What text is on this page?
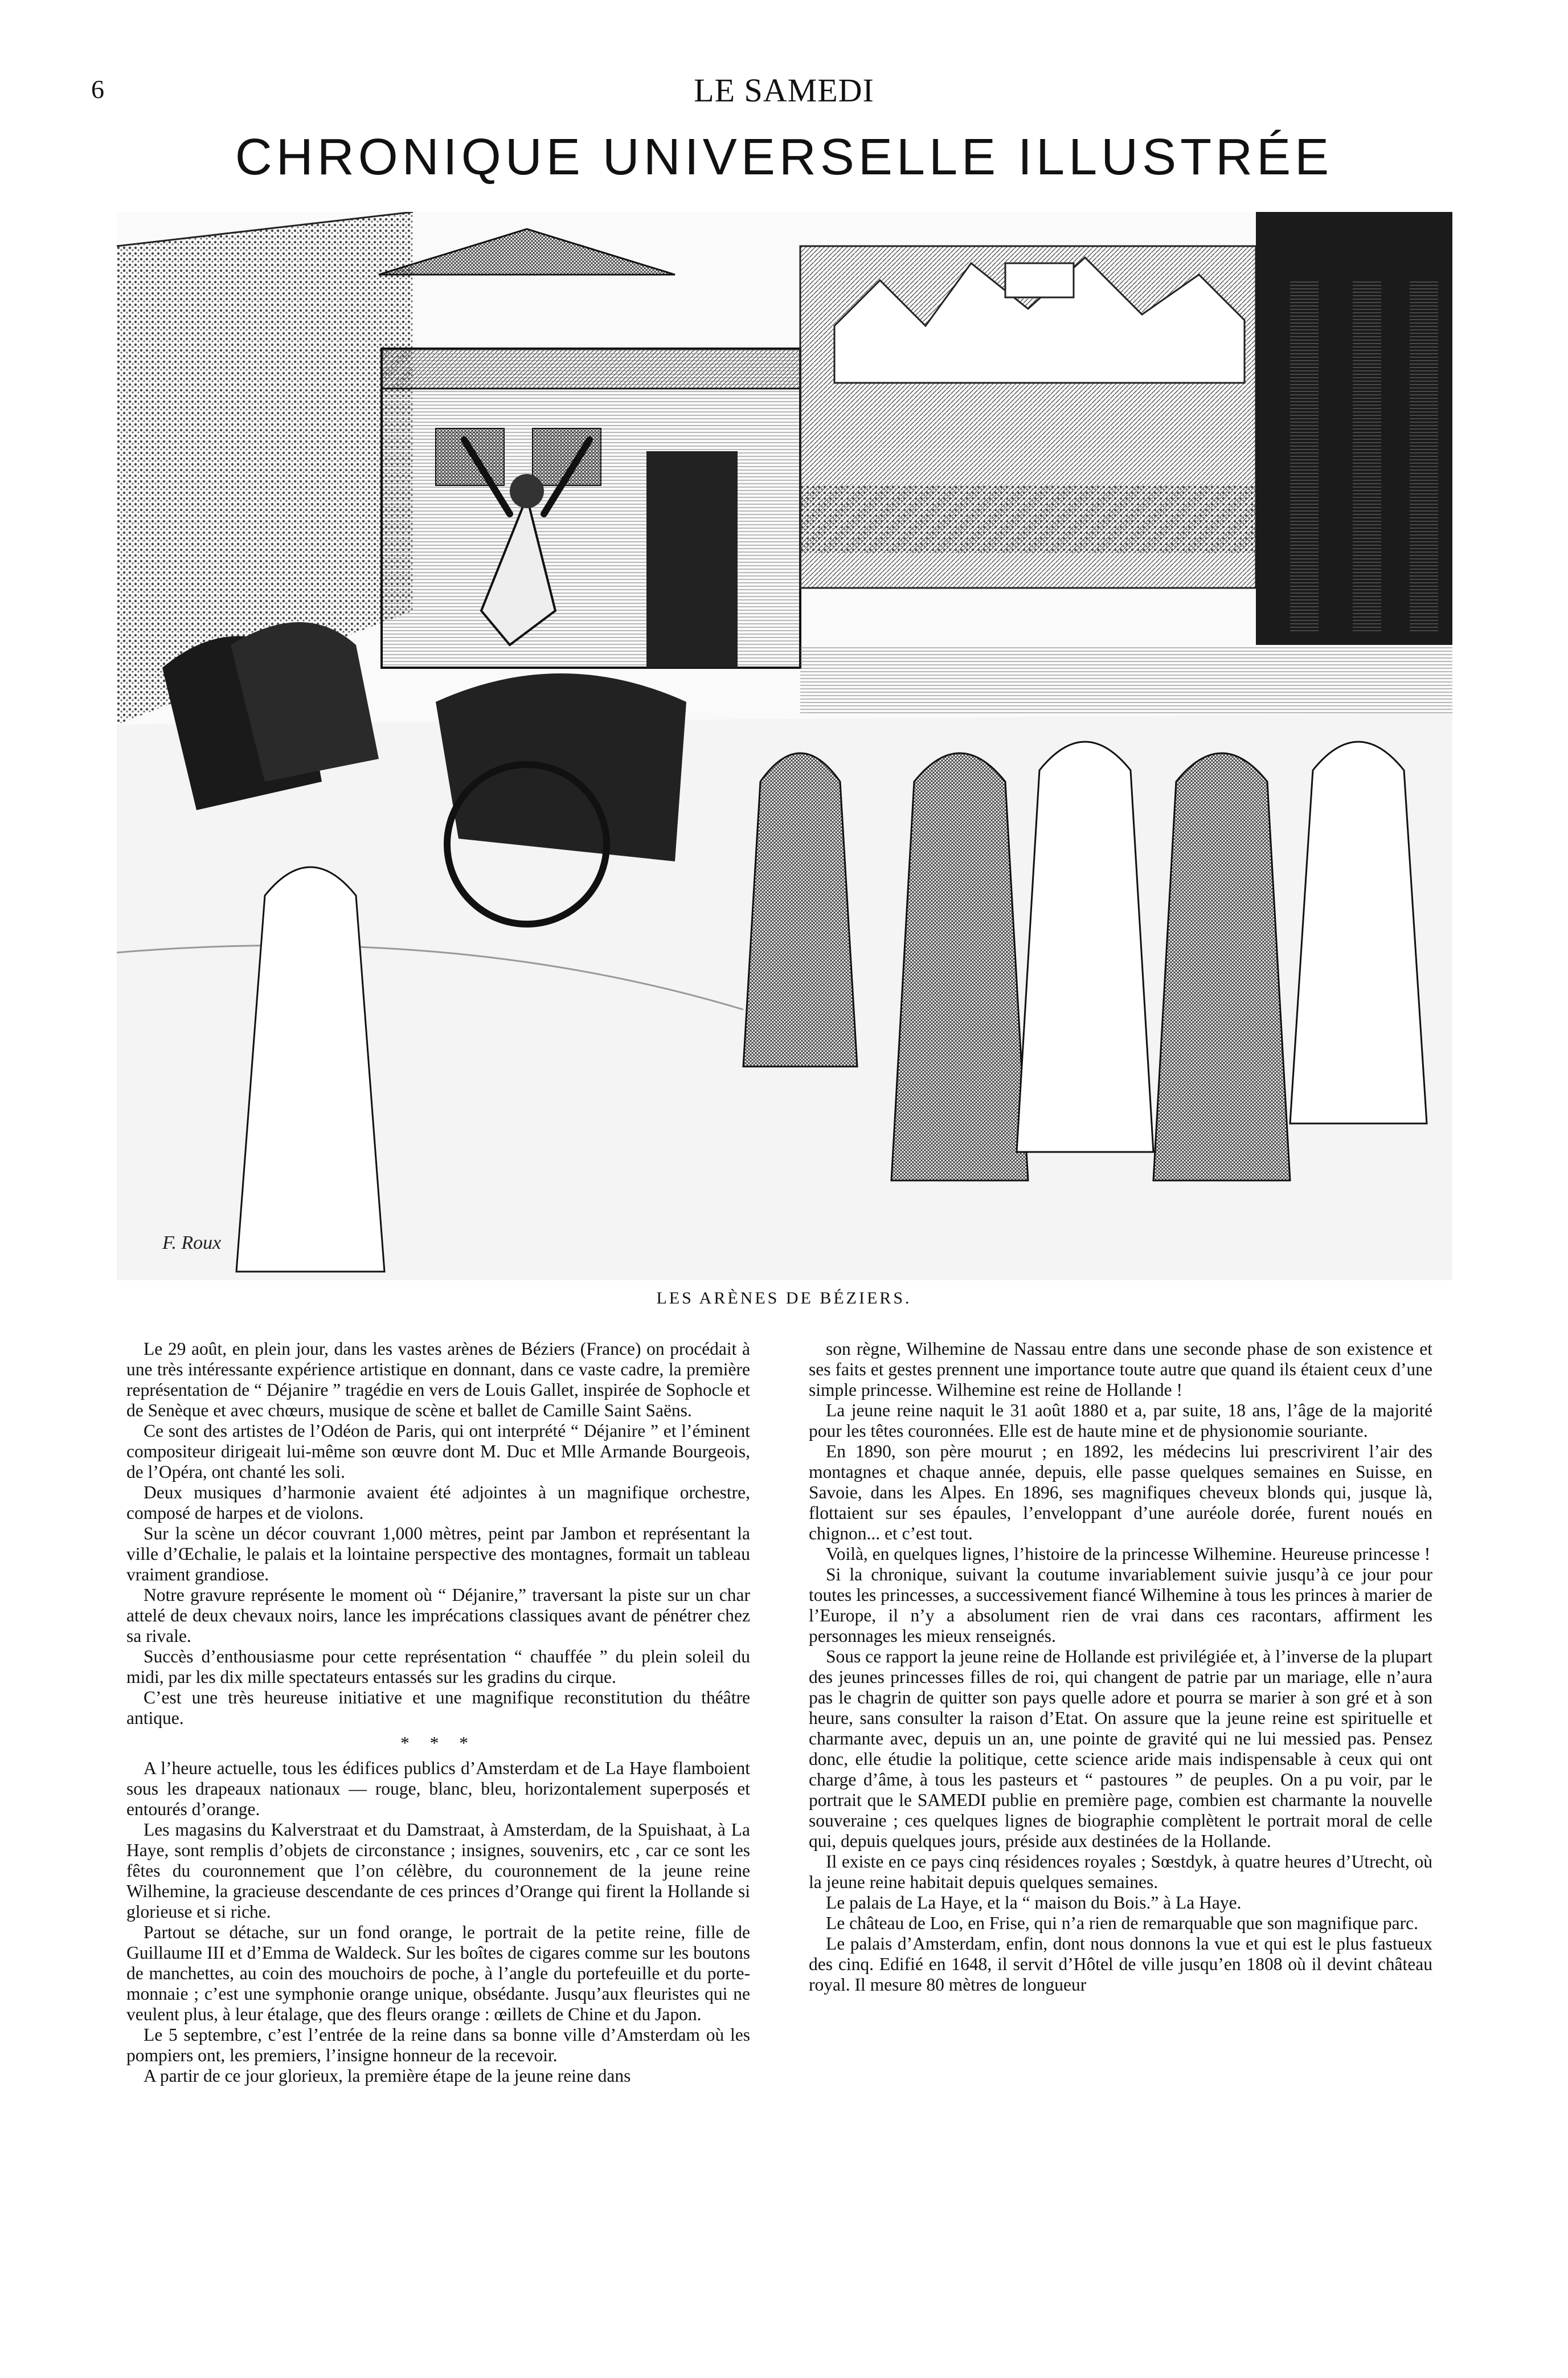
6	LE SAMEDI
CHRONIQUE UNIVERSELLE ILLUSTRÉE
F. Roux
LES ARÈNES DE BÉZIERS.

Le 29 août, en plein jour, dans les vastes arènes de Béziers (France) on procédait à une très intéressante expérience artistique en donnant, dans ce vaste cadre, la première représentation de “ Déjanire ” tragédie en vers de Louis Gallet, inspirée de Sophocle et de Senèque et avec chœurs, musique de scène et ballet de Camille Saint Saëns.

Ce sont des artistes de l’Odéon de Paris, qui ont interprété “ Déjanire ” et l’éminent compositeur dirigeait lui-même son œuvre dont M. Duc et Mlle Armande Bourgeois, de l’Opéra, ont chanté les soli.

Deux musiques d’harmonie avaient été adjointes à un magnifique orchestre, composé de harpes et de violons.

Sur la scène un décor couvrant 1,000 mètres, peint par Jambon et représentant la ville d’Œchalie, le palais et la lointaine perspective des montagnes, formait un tableau vraiment grandiose.

Notre gravure représente le moment où “ Déjanire,” traversant la piste sur un char attelé de deux chevaux noirs, lance les imprécations classiques avant de pénétrer chez sa rivale.

Succès d’enthousiasme pour cette représentation “ chauffée ” du plein soleil du midi, par les dix mille spectateurs entassés sur les gradins du cirque.

C’est une très heureuse initiative et une magnifique reconstitution du théâtre antique.

* * *

A l’heure actuelle, tous les édifices publics d’Amsterdam et de La Haye flamboient sous les drapeaux nationaux — rouge, blanc, bleu, horizontalement superposés et entourés d’orange.

Les magasins du Kalverstraat et du Damstraat, à Amsterdam, de la Spuishaat, à La Haye, sont remplis d’objets de circonstance ; insignes, souvenirs, etc , car ce sont les fêtes du couronnement que l’on célèbre, du couronnement de la jeune reine Wilhemine, la gracieuse descendante de ces princes d’Orange qui firent la Hollande si glorieuse et si riche.

Partout se détache, sur un fond orange, le portrait de la petite reine, fille de Guillaume III et d’Emma de Waldeck. Sur les boîtes de cigares comme sur les boutons de manchettes, au coin des mouchoirs de poche, à l’angle du portefeuille et du porte-monnaie ; c’est une symphonie orange unique, obsédante. Jusqu’aux fleuristes qui ne veulent plus, à leur étalage, que des fleurs orange : œillets de Chine et du Japon.

Le 5 septembre, c’est l’entrée de la reine dans sa bonne ville d’Amsterdam où les pompiers ont, les premiers, l’insigne honneur de la recevoir.

A partir de ce jour glorieux, la première étape de la jeune reine dans

son règne, Wilhemine de Nassau entre dans une seconde phase de son existence et ses faits et gestes prennent une importance toute autre que quand ils étaient ceux d’une simple princesse. Wilhemine est reine de Hollande !

La jeune reine naquit le 31 août 1880 et a, par suite, 18 ans, l’âge de la majorité pour les têtes couronnées. Elle est de haute mine et de physionomie souriante.

En 1890, son père mourut ; en 1892, les médecins lui prescrivirent l’air des montagnes et chaque année, depuis, elle passe quelques semaines en Suisse, en Savoie, dans les Alpes. En 1896, ses magnifiques cheveux blonds qui, jusque là, flottaient sur ses épaules, l’enveloppant d’une auréole dorée, furent noués en chignon... et c’est tout.

Voilà, en quelques lignes, l’histoire de la princesse Wilhemine. Heureuse princesse !

Si la chronique, suivant la coutume invariablement suivie jusqu’à ce jour pour toutes les princesses, a successivement fiancé Wilhemine à tous les princes à marier de l’Europe, il n’y a absolument rien de vrai dans ces racontars, affirment les personnages les mieux renseignés.

Sous ce rapport la jeune reine de Hollande est privilégiée et, à l’inverse de la plupart des jeunes princesses filles de roi, qui changent de patrie par un mariage, elle n’aura pas le chagrin de quitter son pays quelle adore et pourra se marier à son gré et à son heure, sans consulter la raison d’Etat. On assure que la jeune reine est spirituelle et charmante avec, depuis un an, une pointe de gravité qui ne lui messied pas. Pensez donc, elle étudie la politique, cette science aride mais indispensable à ceux qui ont charge d’âme, à tous les pasteurs et “ pastoures ” de peuples. On a pu voir, par le portrait que le SAMEDI publie en première page, combien est charmante la nouvelle souveraine ; ces quelques lignes de biographie complètent le portrait moral de celle qui, depuis quelques jours, préside aux destinées de la Hollande.

Il existe en ce pays cinq résidences royales ; Sœstdyk, à quatre heures d’Utrecht, où la jeune reine habitait depuis quelques semaines.

Le palais de La Haye, et la “ maison du Bois.” à La Haye.

Le château de Loo, en Frise, qui n’a rien de remarquable que son magnifique parc.

Le palais d’Amsterdam, enfin, dont nous donnons la vue et qui est le plus fastueux des cinq. Edifié en 1648, il servit d’Hôtel de ville jusqu’en 1808 où il devint château royal. Il mesure 80 mètres de longueur
